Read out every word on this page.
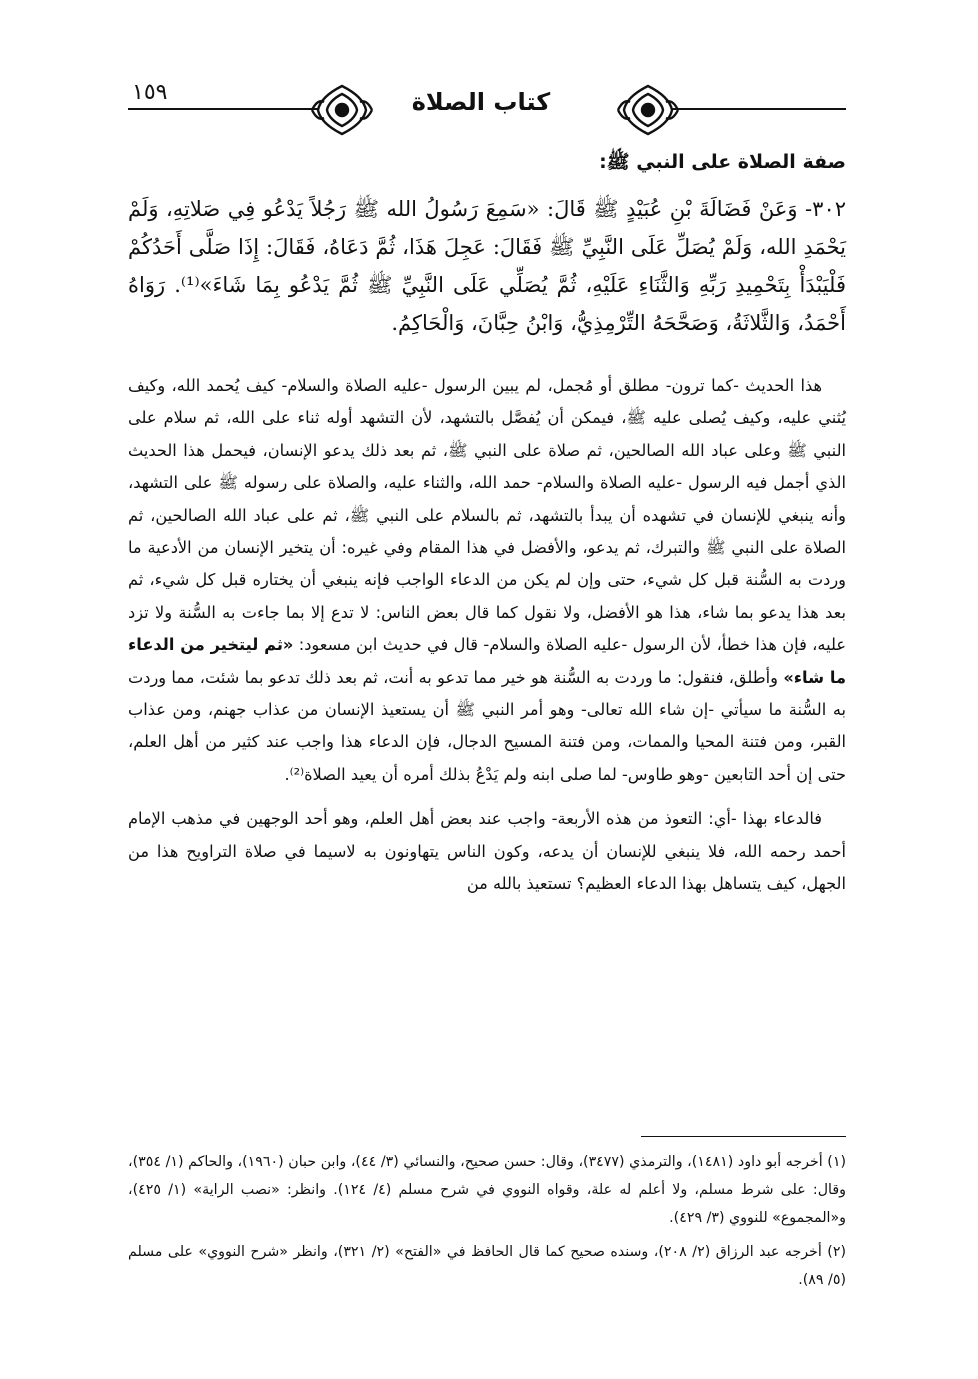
١٥٩	كتاب الصلاة
صفة الصلاة على النبي ﷺ:

٣٠٢- وَعَنْ فَضَالَةَ بْنِ عُبَيْدٍ ﷺ قَالَ: «سَمِعَ رَسُولُ الله ﷺ رَجُلاً يَدْعُو فِي صَلاتِهِ، وَلَمْ يَحْمَدِ الله، وَلَمْ يُصَلِّ عَلَى النَّبِيِّ ﷺ فَقَالَ: عَجِلَ هَذَا، ثُمَّ دَعَاهُ، فَقَالَ: إِذَا صَلَّى أَحَدُكُمْ فَلْيَبْدَأْ بِتَحْمِيدِ رَبِّهِ وَالثَّنَاءِ عَلَيْهِ، ثُمَّ يُصَلِّي عَلَى النَّبِيِّ ﷺ ثُمَّ يَدْعُو بِمَا شَاءَ»⁽¹⁾. رَوَاهُ أَحْمَدُ، وَالثَّلاثَةُ، وَصَحَّحَهُ التِّرْمِذِيُّ، وَابْنُ حِبَّانَ، وَالْحَاكِمُ.

هذا الحديث -كما ترون- مطلق أو مُجمل، لم يبين الرسول -عليه الصلاة والسلام- كيف يُحمد الله، وكيف يُثني عليه، وكيف يُصلى عليه ﷺ، فيمكن أن يُفصَّل بالتشهد، لأن التشهد أوله ثناء على الله، ثم سلام على النبي ﷺ وعلى عباد الله الصالحين، ثم صلاة على النبي ﷺ، ثم بعد ذلك يدعو الإنسان، فيحمل هذا الحديث الذي أجمل فيه الرسول -عليه الصلاة والسلام- حمد الله، والثناء عليه، والصلاة على رسوله ﷺ على التشهد، وأنه ينبغي للإنسان في تشهده أن يبدأ بالتشهد، ثم بالسلام على النبي ﷺ، ثم على عباد الله الصالحين، ثم الصلاة على النبي ﷺ والتبرك، ثم يدعو، والأفضل في هذا المقام وفي غيره: أن يتخير الإنسان من الأدعية ما وردت به السُّنة قبل كل شيء، حتى وإن لم يكن من الدعاء الواجب فإنه ينبغي أن يختاره قبل كل شيء، ثم بعد هذا يدعو بما شاء، هذا هو الأفضل، ولا نقول كما قال بعض الناس: لا تدع إلا بما جاءت به السُّنة ولا تزد عليه، فإن هذا خطأ، لأن الرسول -عليه الصلاة والسلام- قال في حديث ابن مسعود: «ثم ليتخير من الدعاء ما شاء» وأطلق، فنقول: ما وردت به السُّنة هو خير مما تدعو به أنت، ثم بعد ذلك تدعو بما شئت، مما وردت به السُّنة ما سيأتي -إن شاء الله تعالى- وهو أمر النبي ﷺ أن يستعيذ الإنسان من عذاب جهنم، ومن عذاب القبر، ومن فتنة المحيا والممات، ومن فتنة المسيح الدجال، فإن الدعاء هذا واجب عند كثير من أهل العلم، حتى إن أحد التابعين -وهو طاوس- لما صلى ابنه ولم يَدْعُ بذلك أمره أن يعيد الصلاة⁽²⁾.

فالدعاء بهذا -أي: التعوذ من هذه الأربعة- واجب عند بعض أهل العلم، وهو أحد الوجهين في مذهب الإمام أحمد رحمه الله، فلا ينبغي للإنسان أن يدعه، وكون الناس يتهاونون به لاسيما في صلاة التراويح هذا من الجهل، كيف يتساهل بهذا الدعاء العظيم؟ تستعيذ بالله من

(١) أخرجه أبو داود (١٤٨١)، والترمذي (٣٤٧٧)، وقال: حسن صحيح، والنسائي (٣/ ٤٤)، وابن حبان (١٩٦٠)، والحاكم (١/ ٣٥٤)، وقال: على شرط مسلم، ولا أعلم له علة، وقواه النووي في شرح مسلم (٤/ ١٢٤). وانظر: «نصب الراية» (١/ ٤٢٥)، و«المجموع» للنووي (٣/ ٤٢٩).

(٢) أخرجه عبد الرزاق (٢/ ٢٠٨)، وسنده صحيح كما قال الحافظ في «الفتح» (٢/ ٣٢١)، وانظر «شرح النووي» على مسلم (٥/ ٨٩).
